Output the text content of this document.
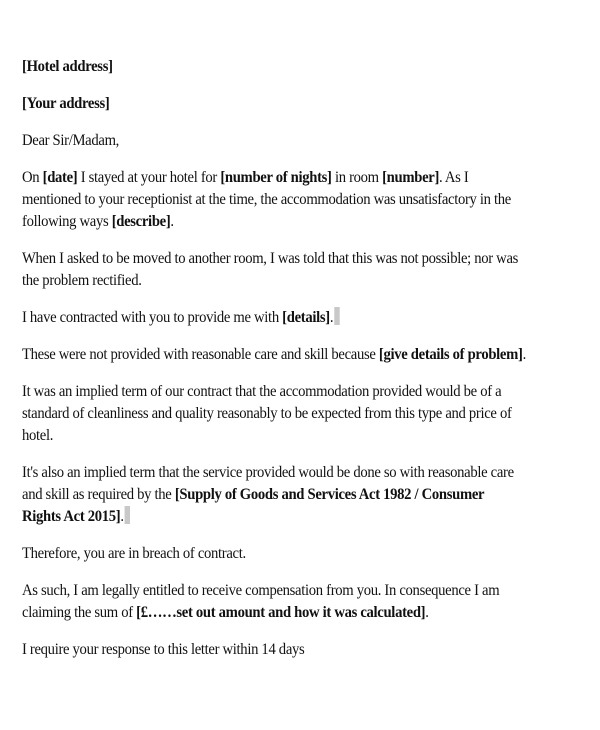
[Hotel address]

[Your address]

Dear Sir/Madam,

On [date] I stayed at your hotel for [number of nights] in room [number]. As I mentioned to your receptionist at the time, the accommodation was unsatisfactory in the following ways [describe].

When I asked to be moved to another room, I was told that this was not possible; nor was the problem rectified.

I have contracted with you to provide me with [details].

These were not provided with reasonable care and skill because [give details of problem].

It was an implied term of our contract that the accommodation provided would be of a standard of cleanliness and quality reasonably to be expected from this type and price of hotel.

It's also an implied term that the service provided would be done so with reasonable care and skill as required by the [Supply of Goods and Services Act 1982 / Consumer Rights Act 2015].

Therefore, you are in breach of contract.

As such, I am legally entitled to receive compensation from you. In consequence I am claiming the sum of [£……set out amount and how it was calculated].

I require your response to this letter within 14 days
